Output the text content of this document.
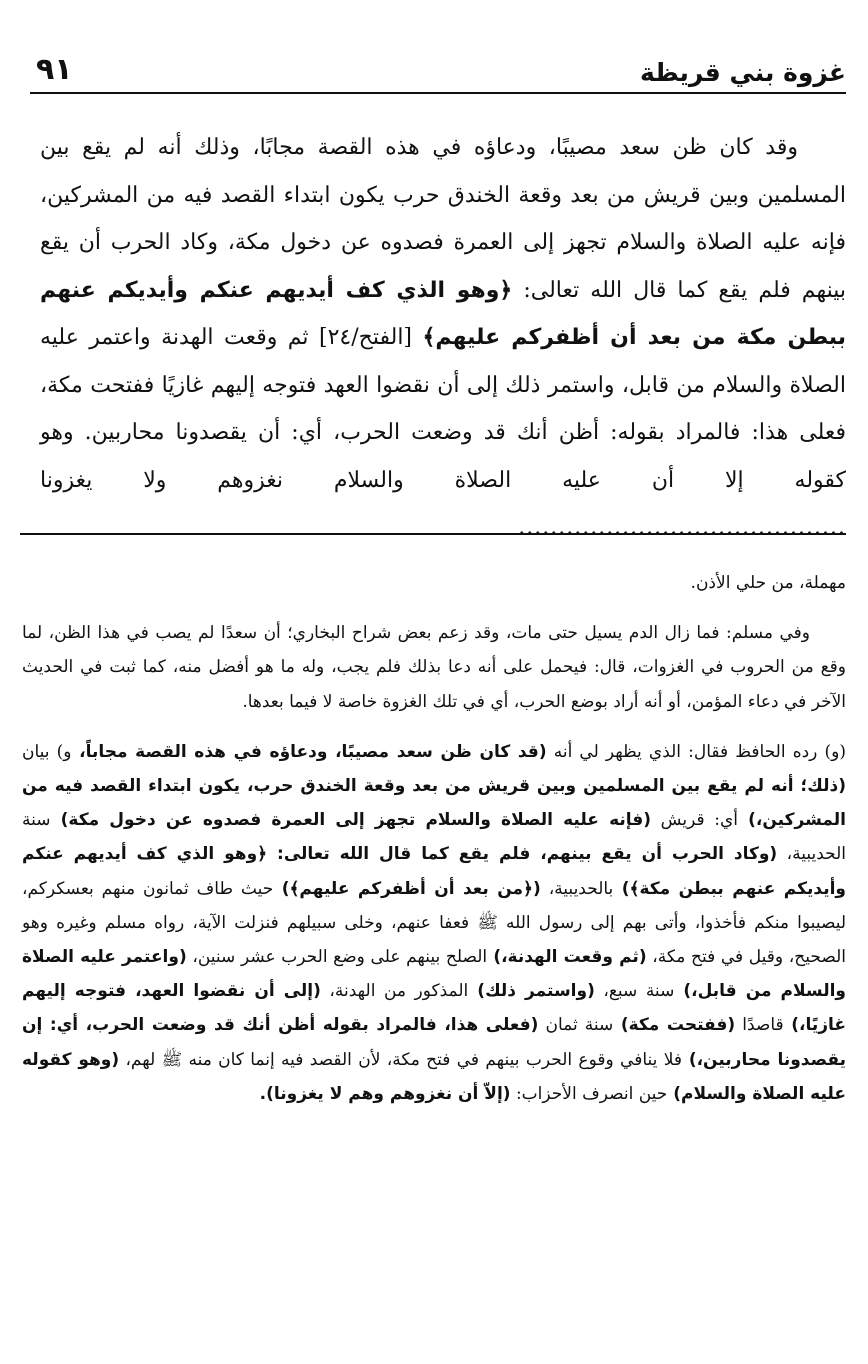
غزوة بني قريظة
٩١

وقد كان ظن سعد مصيبًا، ودعاؤه في هذه القصة مجابًا، وذلك أنه لم يقع بين المسلمين وبين قريش من بعد وقعة الخندق حرب يكون ابتداء القصد فيه من المشركين، فإنه عليه الصلاة والسلام تجهز إلى العمرة فصدوه عن دخول مكة، وكاد الحرب أن يقع بينهم فلم يقع كما قال الله تعالى: ﴿وهو الذي كف أيديهم عنكم وأيديكم عنهم ببطن مكة من بعد أن أظفركم عليهم﴾ [الفتح/٢٤] ثم وقعت الهدنة واعتمر عليه الصلاة والسلام من قابل، واستمر ذلك إلى أن نقضوا العهد فتوجه إليهم غازيًا ففتحت مكة، فعلى هذا: فالمراد بقوله: أظن أنك قد وضعت الحرب، أي: أن يقصدونا محاربين. وهو كقوله إلا أن عليه الصلاة والسلام نغزوهم ولا يغزونا .........................................

مهملة، من حلي الأذن.

وفي مسلم: فما زال الدم يسيل حتى مات، وقد زعم بعض شراح البخاري؛ أن سعدًا لم يصب في هذا الظن، لما وقع من الحروب في الغزوات، قال: فيحمل على أنه دعا بذلك فلم يجب، وله ما هو أفضل منه، كما ثبت في الحديث الآخر في دعاء المؤمن، أو أنه أراد بوضع الحرب، أي في تلك الغزوة خاصة لا فيما بعدها.

(و) رده الحافظ فقال: الذي يظهر لي أنه (قد كان ظن سعد مصيبًا، ودعاؤه في هذه القصة مجاباً، و) بيان (ذلك؛ أنه لم يقع بين المسلمين وبين قريش من بعد وقعة الخندق حرب، يكون ابتداء القصد فيه من المشركين،) أي: قريش (فإنه عليه الصلاة والسلام تجهز إلى العمرة فصدوه عن دخول مكة) سنة الحديبية، (وكاد الحرب أن يقع بينهم، فلم يقع كما قال الله تعالى: ﴿وهو الذي كف أيديهم عنكم وأيديكم عنهم ببطن مكة﴾) بالحديبية، (﴿من بعد أن أظفركم عليهم﴾) حيث طاف ثمانون منهم بعسكركم، ليصيبوا منكم فأخذوا، وأتى بهم إلى رسول الله ﷺ فعفا عنهم، وخلى سبيلهم فنزلت الآية، رواه مسلم وغيره وهو الصحيح، وقيل في فتح مكة، (ثم وقعت الهدنة،) الصلح بينهم على وضع الحرب عشر سنين، (واعتمر عليه الصلاة والسلام من قابل،) سنة سبع، (واستمر ذلك) المذكور من الهدنة، (إلى أن نقضوا العهد، فتوجه إليهم غازيًا،) قاصدًا (ففتحت مكة) سنة ثمان (فعلى هذا، فالمراد بقوله أظن أنك قد وضعت الحرب، أي: إن يقصدونا محاربين،) فلا ينافي وقوع الحرب بينهم في فتح مكة، لأن القصد فيه إنما كان منه ﷺ لهم، (وهو كقوله عليه الصلاة والسلام) حين انصرف الأحزاب: (إلاّ أن نغزوهم وهم لا يغزونا).
